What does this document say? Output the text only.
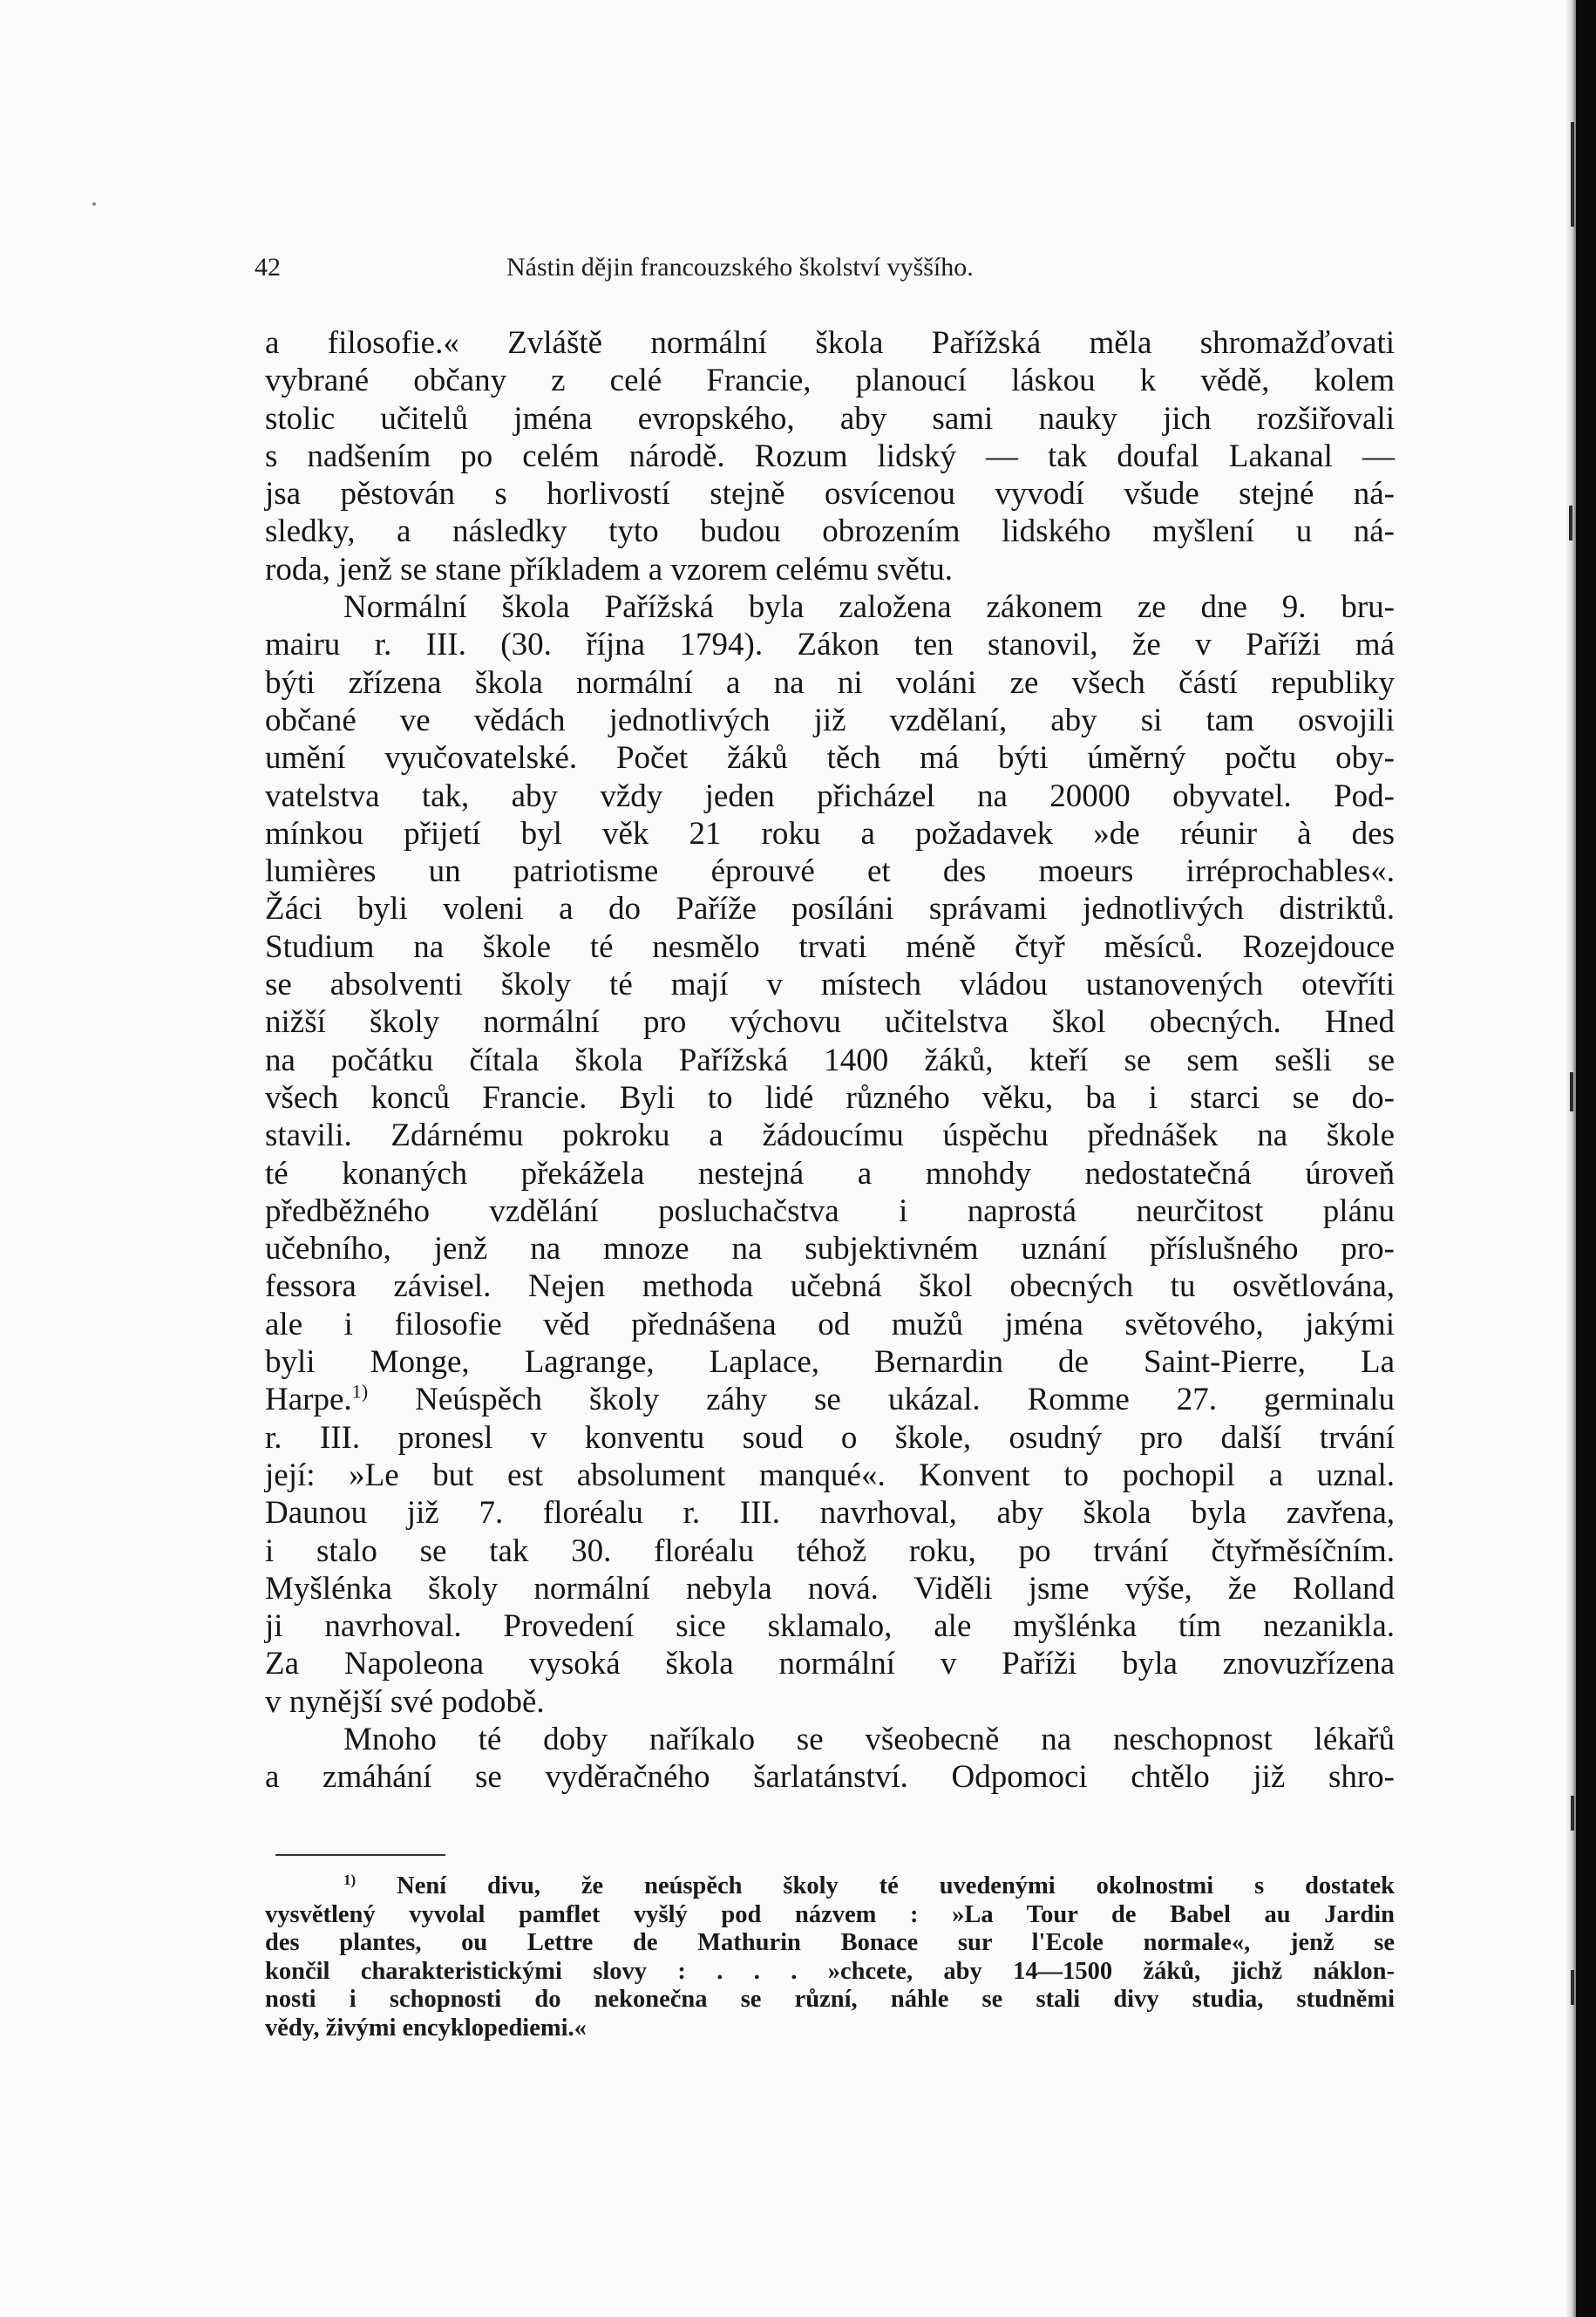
42	Nástin dějin francouzského školství vyššího.

a filosofie.« Zvláště normální škola Pařížská měla shromažďovati
vybrané občany z celé Francie, planoucí láskou k vědě, kolem
stolic učitelů jména evropského, aby sami nauky jich rozšiřovali
s nadšením po celém národě. Rozum lidský — tak doufal Lakanal —
jsa pěstován s horlivostí stejně osvícenou vyvodí všude stejné ná-
sledky, a následky tyto budou obrozením lidského myšlení u ná-
roda, jenž se stane příkladem a vzorem celému světu.

Normální škola Pařížská byla založena zákonem ze dne 9. bru-
mairu r. III. (30. října 1794). Zákon ten stanovil, že v Paříži má
býti zřízena škola normální a na ni voláni ze všech částí republiky
občané ve vědách jednotlivých již vzdělaní, aby si tam osvojili
umění vyučovatelské. Počet žáků těch má býti úměrný počtu oby-
vatelstva tak, aby vždy jeden přicházel na 20000 obyvatel. Pod-
mínkou přijetí byl věk 21 roku a požadavek »de réunir à des
lumières un patriotisme éprouvé et des moeurs irréprochables«.
Žáci byli voleni a do Paříže posíláni správami jednotlivých distriktů.
Studium na škole té nesmělo trvati méně čtyř měsíců. Rozejdouce
se absolventi školy té mají v místech vládou ustanovených otevříti
nižší školy normální pro výchovu učitelstva škol obecných. Hned
na počátku čítala škola Pařížská 1400 žáků, kteří se sem sešli se
všech konců Francie. Byli to lidé různého věku, ba i starci se do-
stavili. Zdárnému pokroku a žádoucímu úspěchu přednášek na škole
té konaných překážela nestejná a mnohdy nedostatečná úroveň
předběžného vzdělání posluchačstva i naprostá neurčitost plánu
učebního, jenž na mnoze na subjektivném uznání příslušného pro-
fessora závisel. Nejen methoda učebná škol obecných tu osvětlována,
ale i filosofie věd přednášena od mužů jména světového, jakými
byli Monge, Lagrange, Laplace, Bernardin de Saint-Pierre, La
Harpe.$^{1)}$ Neúspěch školy záhy se ukázal. Romme 27. germinalu
r. III. pronesl v konventu soud o škole, osudný pro další trvání
její: »Le but est absolument manqué«. Konvent to pochopil a uznal.
Daunou již 7. floréalu r. III. navrhoval, aby škola byla zavřena,
i stalo se tak 30. floréalu téhož roku, po trvání čtyřměsíčním.
Myšlénka školy normální nebyla nová. Viděli jsme výše, že Rolland
ji navrhoval. Provedení sice sklamalo, ale myšlénka tím nezanikla.
Za Napoleona vysoká škola normální v Paříži byla znovuzřízena
v nynější své podobě.

Mnoho té doby naříkalo se všeobecně na neschopnost lékařů
a zmáhání se vyděračného šarlatánství. Odpomoci chtělo již shro-

$^{1)}$ Není divu, že neúspěch školy té uvedenými okolnostmi s dostatek
vysvětlený vyvolal pamflet vyšlý pod názvem : »La Tour de Babel au Jardin
des plantes, ou Lettre de Mathurin Bonace sur l'Ecole normale«, jenž se
končil charakteristickými slovy : . . . »chcete, aby 14—1500 žáků, jichž náklon-
nosti i schopnosti do nekonečna se různí, náhle se stali divy studia, studněmi
vědy, živými encyklopediemi.«
